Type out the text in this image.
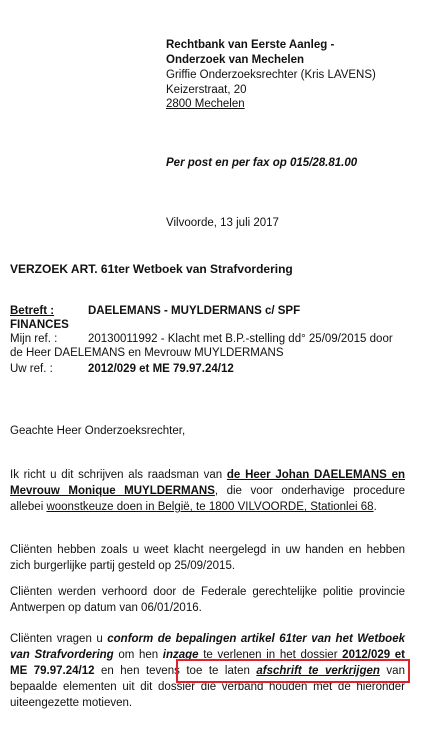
Rechtbank van Eerste Aanleg -
Onderzoek van Mechelen
Griffie Onderzoeksrechter (Kris LAVENS)
Keizerstraat, 20
2800 Mechelen
Per post en per fax op 015/28.81.00
Vilvoorde, 13 juli 2017
VERZOEK ART. 61ter Wetboek van Strafvordering
Betreft :	DAELEMANS - MUYLDERMANS c/ SPF
FINANCES
Mijn ref. :	20130011992 - Klacht met B.P.-stelling dd° 25/09/2015 door
de Heer DAELEMANS en Mevrouw MUYLDERMANS
Uw ref. :	2012/029 et ME 79.97.24/12
Geachte Heer Onderzoeksrechter,
Ik richt u dit schrijven als raadsman van de Heer Johan DAELEMANS en Mevrouw Monique MUYLDERMANS, die voor onderhavige procedure allebei woonstkeuze doen in België, te 1800 VILVOORDE, Stationlei 68.
Cliënten hebben zoals u weet klacht neergelegd in uw handen en hebben zich burgerlijke partij gesteld op 25/09/2015.
Cliënten werden verhoord door de Federale gerechtelijke politie provincie Antwerpen op datum van 06/01/2016.
Cliënten vragen u conform de bepalingen artikel 61ter van het Wetboek van Strafvordering om hen inzage te verlenen in het dossier 2012/029 et ME 79.97.24/12 en hen tevens toe te laten afschrift te verkrijgen van bepaalde elementen uit dit dossier die verband houden met de hieronder uiteengezette motieven.
